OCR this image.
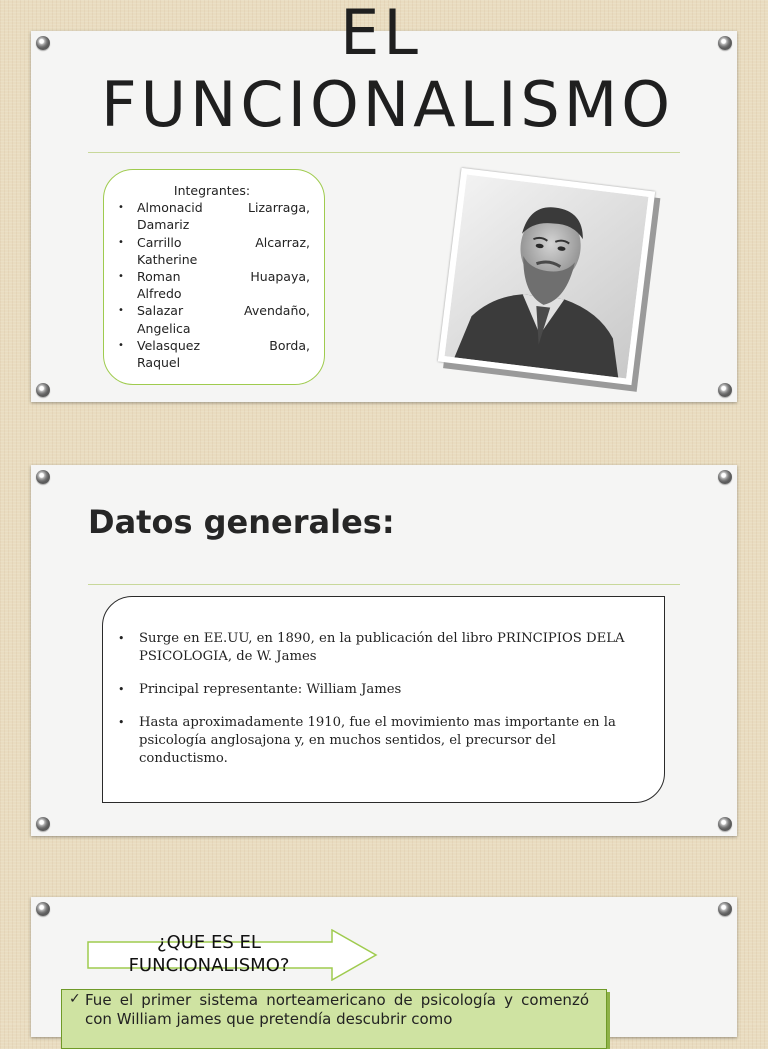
EL FUNCIONALISMO
Integrantes:
• Almonacid	Lizarraga,
Damariz
• Carrillo	Alcarraz,
Katherine
• Roman	Huapaya,
Alfredo
• Salazar	Avendaño,
Angelica
• Velasquez	Borda,
Raquel
Datos generales:
• Surge en EE.UU, en 1890, en la publicación del libro PRINCIPIOS DELA PSICOLOGIA, de W. James
• Principal representante: William James
• Hasta aproximadamente 1910, fue el movimiento mas importante en la psicología anglosajona y, en muchos sentidos, el precursor del conductismo.
¿QUE ES EL FUNCIONALISMO?
✓ Fue el primer sistema norteamericano de psicología y comenzó con William james que pretendía descubrir como
